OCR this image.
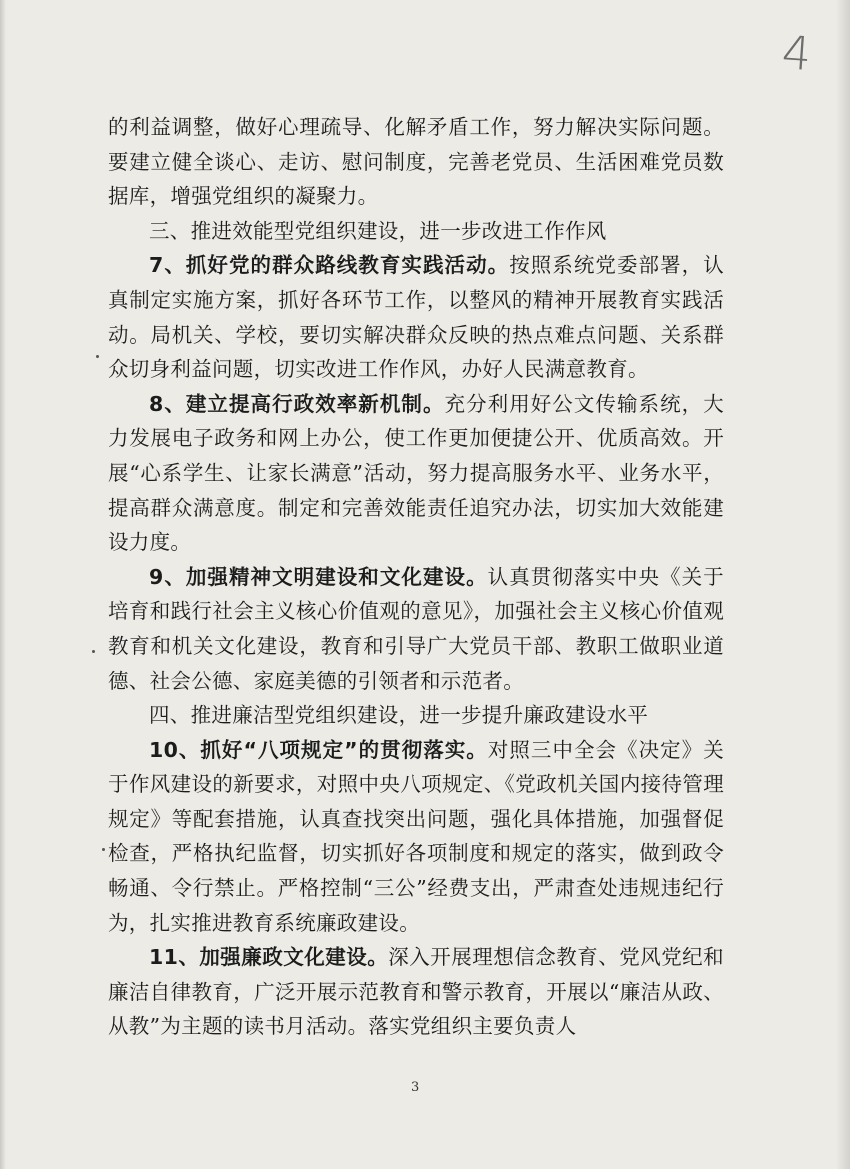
4

的利益调整，做好心理疏导、化解矛盾工作，努力解决实际问题。要建立健全谈心、走访、慰问制度，完善老党员、生活困难党员数据库，增强党组织的凝聚力。

三、推进效能型党组织建设，进一步改进工作作风

7、抓好党的群众路线教育实践活动。按照系统党委部署，认真制定实施方案，抓好各环节工作，以整风的精神开展教育实践活动。局机关、学校，要切实解决群众反映的热点难点问题、关系群众切身利益问题，切实改进工作作风，办好人民满意教育。

8、建立提高行政效率新机制。充分利用好公文传输系统，大力发展电子政务和网上办公，使工作更加便捷公开、优质高效。开展“心系学生、让家长满意”活动，努力提高服务水平、业务水平，提高群众满意度。制定和完善效能责任追究办法，切实加大效能建设力度。

9、加强精神文明建设和文化建设。认真贯彻落实中央《关于培育和践行社会主义核心价值观的意见》，加强社会主义核心价值观教育和机关文化建设，教育和引导广大党员干部、教职工做职业道德、社会公德、家庭美德的引领者和示范者。

四、推进廉洁型党组织建设，进一步提升廉政建设水平

10、抓好“八项规定”的贯彻落实。对照三中全会《决定》关于作风建设的新要求，对照中央八项规定、《党政机关国内接待管理规定》等配套措施，认真查找突出问题，强化具体措施，加强督促检查，严格执纪监督，切实抓好各项制度和规定的落实，做到政令畅通、令行禁止。严格控制“三公”经费支出，严肃查处违规违纪行为，扎实推进教育系统廉政建设。

11、加强廉政文化建设。深入开展理想信念教育、党风党纪和廉洁自律教育，广泛开展示范教育和警示教育，开展以“廉洁从政、从教”为主题的读书月活动。落实党组织主要负责人

3
